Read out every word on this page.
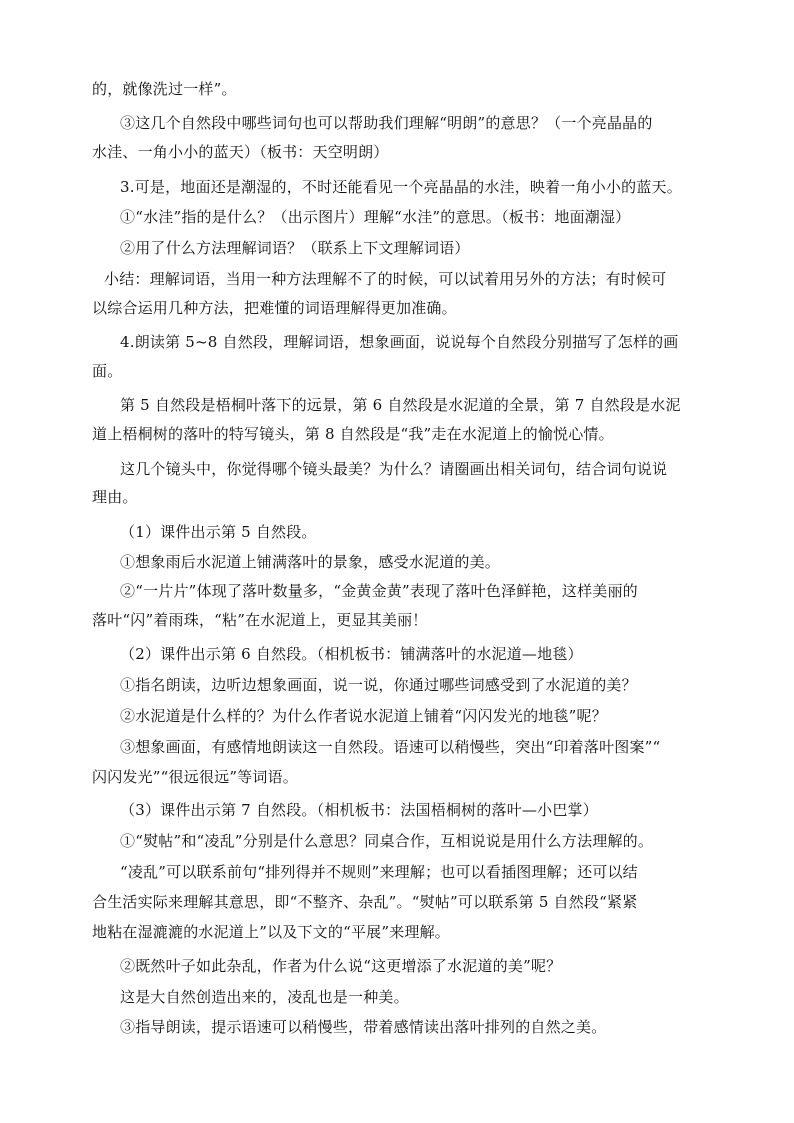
的，就像洗过一样”。
③这几个自然段中哪些词句也可以帮助我们理解“明朗”的意思？（一个亮晶晶的
水洼、一角小小的蓝天）（板书：天空明朗）
3.可是，地面还是潮湿的，不时还能看见一个亮晶晶的水洼，映着一角小小的蓝天。
①“水洼”指的是什么？（出示图片）理解“水洼”的意思。（板书：地面潮湿）
②用了什么方法理解词语？（联系上下文理解词语）
小结：理解词语，当用一种方法理解不了的时候，可以试着用另外的方法；有时候可
以综合运用几种方法，把难懂的词语理解得更加准确。
4.朗读第 5~8 自然段，理解词语，想象画面，说说每个自然段分别描写了怎样的画
面。
第 5 自然段是梧桐叶落下的远景，第 6 自然段是水泥道的全景，第 7 自然段是水泥
道上梧桐树的落叶的特写镜头，第 8 自然段是“我”走在水泥道上的愉悦心情。
这几个镜头中，你觉得哪个镜头最美？为什么？请圈画出相关词句，结合词句说说
理由。
（1）课件出示第 5 自然段。
①想象雨后水泥道上铺满落叶的景象，感受水泥道的美。
②“一片片”体现了落叶数量多，“金黄金黄”表现了落叶色泽鲜艳，这样美丽的
落叶“闪”着雨珠，“粘”在水泥道上，更显其美丽！
（2）课件出示第 6 自然段。（相机板书：铺满落叶的水泥道—地毯）
①指名朗读，边听边想象画面，说一说，你通过哪些词感受到了水泥道的美？
②水泥道是什么样的？为什么作者说水泥道上铺着“闪闪发光的地毯”呢？
③想象画面，有感情地朗读这一自然段。语速可以稍慢些，突出“印着落叶图案”“
闪闪发光”“很远很远”等词语。
（3）课件出示第 7 自然段。（相机板书：法国梧桐树的落叶—小巴掌）
①“熨帖”和“凌乱”分别是什么意思？同桌合作，互相说说是用什么方法理解的。
“凌乱”可以联系前句“排列得并不规则”来理解；也可以看插图理解；还可以结
合生活实际来理解其意思，即“不整齐、杂乱”。“熨帖”可以联系第 5 自然段“紧紧
地粘在湿漉漉的水泥道上”以及下文的“平展”来理解。
②既然叶子如此杂乱，作者为什么说“这更增添了水泥道的美”呢？
这是大自然创造出来的，凌乱也是一种美。
③指导朗读，提示语速可以稍慢些，带着感情读出落叶排列的自然之美。
